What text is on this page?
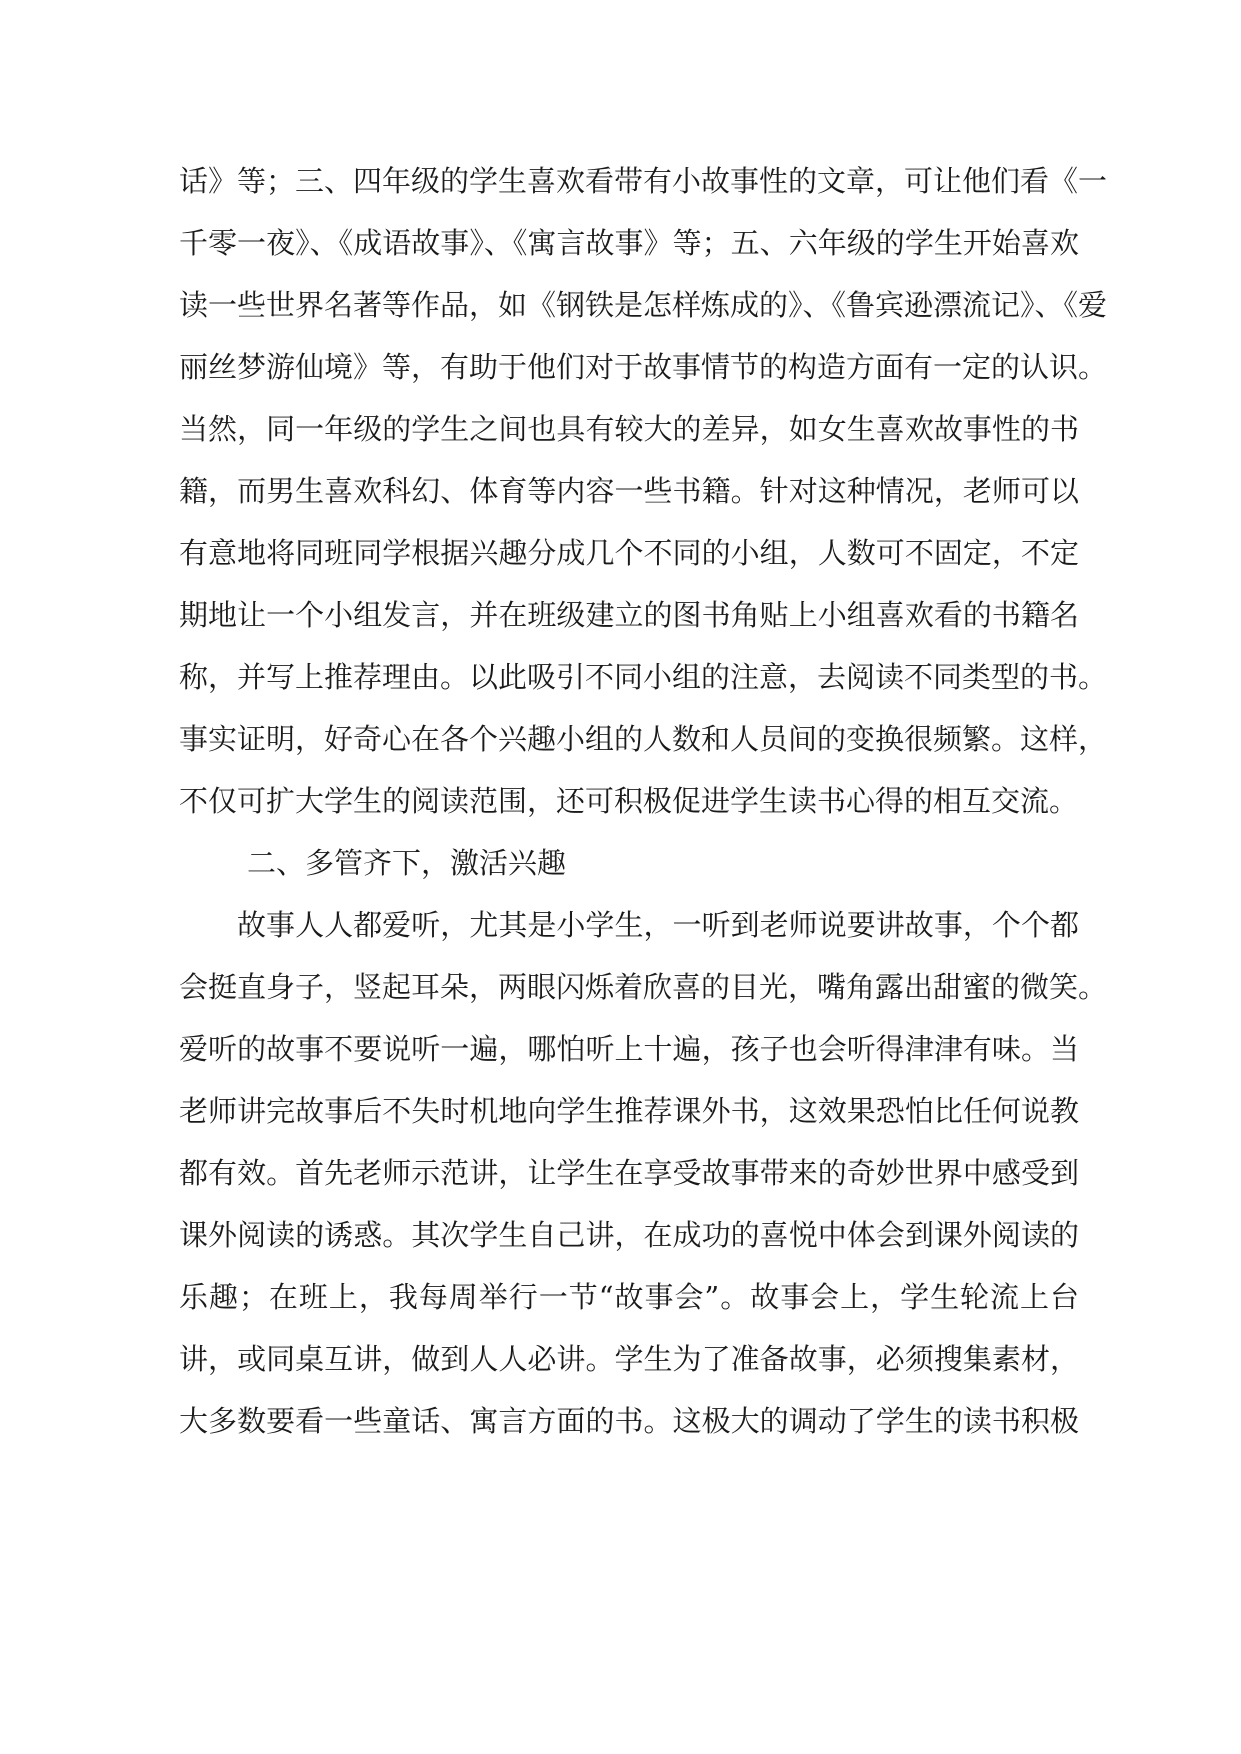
话》等；三、四年级的学生喜欢看带有小故事性的文章，可让他们看《一
千零一夜》、《成语故事》、《寓言故事》等；五、六年级的学生开始喜欢
读一些世界名著等作品，如《钢铁是怎样炼成的》、《鲁宾逊漂流记》、《爱
丽丝梦游仙境》等，有助于他们对于故事情节的构造方面有一定的认识。
当然，同一年级的学生之间也具有较大的差异，如女生喜欢故事性的书
籍，而男生喜欢科幻、体育等内容一些书籍。针对这种情况，老师可以
有意地将同班同学根据兴趣分成几个不同的小组，人数可不固定，不定
期地让一个小组发言，并在班级建立的图书角贴上小组喜欢看的书籍名
称，并写上推荐理由。以此吸引不同小组的注意，去阅读不同类型的书。
事实证明，好奇心在各个兴趣小组的人数和人员间的变换很频繁。这样，
不仅可扩大学生的阅读范围，还可积极促进学生读书心得的相互交流。
二、多管齐下，激活兴趣
故事人人都爱听，尤其是小学生，一听到老师说要讲故事，个个都
会挺直身子，竖起耳朵，两眼闪烁着欣喜的目光，嘴角露出甜蜜的微笑。
爱听的故事不要说听一遍，哪怕听上十遍，孩子也会听得津津有味。当
老师讲完故事后不失时机地向学生推荐课外书，这效果恐怕比任何说教
都有效。首先老师示范讲，让学生在享受故事带来的奇妙世界中感受到
课外阅读的诱惑。其次学生自己讲，在成功的喜悦中体会到课外阅读的
乐趣；在班上，我每周举行一节“故事会”。故事会上，学生轮流上台
讲，或同桌互讲，做到人人必讲。学生为了准备故事，必须搜集素材，
大多数要看一些童话、寓言方面的书。这极大的调动了学生的读书积极
